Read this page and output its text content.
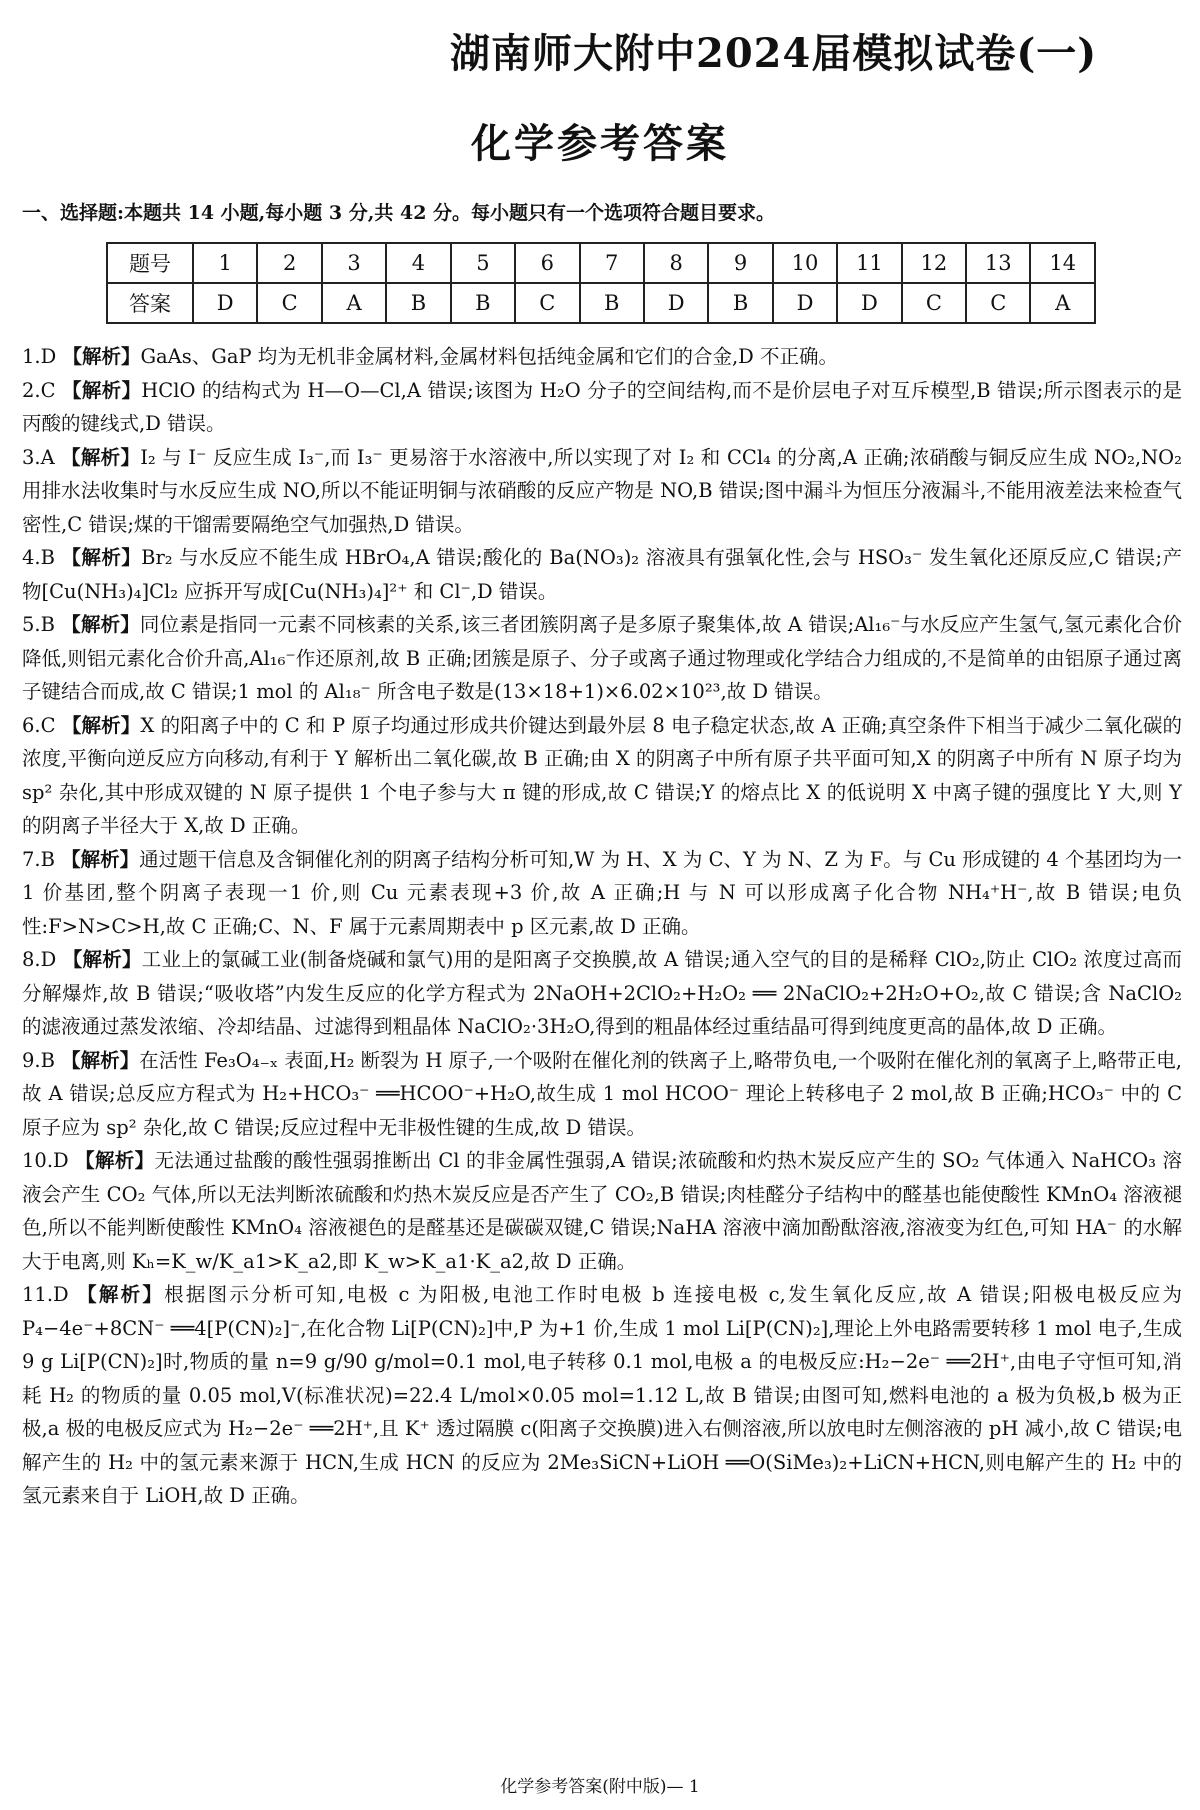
湖南师大附中2024届模拟试卷(一)
化学参考答案
一、选择题:本题共 14 小题,每小题 3 分,共 42 分。每小题只有一个选项符合题目要求。
题号	1	2	3	4	5	6	7	8	9	10	11	12	13	14
答案	D	C	A	B	B	C	B	D	B	D	D	C	C	A

1.D 【解析】GaAs、GaP 均为无机非金属材料,金属材料包括纯金属和它们的合金,D 不正确。

2.C 【解析】HClO 的结构式为 H—O—Cl,A 错误;该图为 H₂O 分子的空间结构,而不是价层电子对互斥模型,B 错误;所示图表示的是丙酸的键线式,D 错误。

3.A 【解析】I₂ 与 I⁻ 反应生成 I₃⁻,而 I₃⁻ 更易溶于水溶液中,所以实现了对 I₂ 和 CCl₄ 的分离,A 正确;浓硝酸与铜反应生成 NO₂,NO₂ 用排水法收集时与水反应生成 NO,所以不能证明铜与浓硝酸的反应产物是 NO,B 错误;图中漏斗为恒压分液漏斗,不能用液差法来检查气密性,C 错误;煤的干馏需要隔绝空气加强热,D 错误。

4.B 【解析】Br₂ 与水反应不能生成 HBrO₄,A 错误;酸化的 Ba(NO₃)₂ 溶液具有强氧化性,会与 HSO₃⁻ 发生氧化还原反应,C 错误;产物[Cu(NH₃)₄]Cl₂ 应拆开写成[Cu(NH₃)₄]²⁺ 和 Cl⁻,D 错误。

5.B 【解析】同位素是指同一元素不同核素的关系,该三者团簇阴离子是多原子聚集体,故 A 错误;Al₁₆⁻与水反应产生氢气,氢元素化合价降低,则铝元素化合价升高,Al₁₆⁻作还原剂,故 B 正确;团簇是原子、分子或离子通过物理或化学结合力组成的,不是简单的由铝原子通过离子键结合而成,故 C 错误;1 mol 的 Al₁₈⁻ 所含电子数是(13×18+1)×6.02×10²³,故 D 错误。

6.C 【解析】X 的阳离子中的 C 和 P 原子均通过形成共价键达到最外层 8 电子稳定状态,故 A 正确;真空条件下相当于减少二氧化碳的浓度,平衡向逆反应方向移动,有利于 Y 解析出二氧化碳,故 B 正确;由 X 的阴离子中所有原子共平面可知,X 的阴离子中所有 N 原子均为 sp² 杂化,其中形成双键的 N 原子提供 1 个电子参与大 π 键的形成,故 C 错误;Y 的熔点比 X 的低说明 X 中离子键的强度比 Y 大,则 Y 的阴离子半径大于 X,故 D 正确。

7.B 【解析】通过题干信息及含铜催化剂的阴离子结构分析可知,W 为 H、X 为 C、Y 为 N、Z 为 F。与 Cu 形成键的 4 个基团均为一1 价基团,整个阴离子表现一1 价,则 Cu 元素表现+3 价,故 A 正确;H 与 N 可以形成离子化合物 NH₄⁺H⁻,故 B 错误;电负性:F>N>C>H,故 C 正确;C、N、F 属于元素周期表中 p 区元素,故 D 正确。

8.D 【解析】工业上的氯碱工业(制备烧碱和氯气)用的是阳离子交换膜,故 A 错误;通入空气的目的是稀释 ClO₂,防止 ClO₂ 浓度过高而分解爆炸,故 B 错误;“吸收塔”内发生反应的化学方程式为 2NaOH+2ClO₂+H₂O₂ ══ 2NaClO₂+2H₂O+O₂,故 C 错误;含 NaClO₂ 的滤液通过蒸发浓缩、冷却结晶、过滤得到粗晶体 NaClO₂·3H₂O,得到的粗晶体经过重结晶可得到纯度更高的晶体,故 D 正确。

9.B 【解析】在活性 Fe₃O₄₋ₓ 表面,H₂ 断裂为 H 原子,一个吸附在催化剂的铁离子上,略带负电,一个吸附在催化剂的氧离子上,略带正电,故 A 错误;总反应方程式为 H₂+HCO₃⁻ ══HCOO⁻+H₂O,故生成 1 mol HCOO⁻ 理论上转移电子 2 mol,故 B 正确;HCO₃⁻ 中的 C 原子应为 sp² 杂化,故 C 错误;反应过程中无非极性键的生成,故 D 错误。

10.D 【解析】无法通过盐酸的酸性强弱推断出 Cl 的非金属性强弱,A 错误;浓硫酸和灼热木炭反应产生的 SO₂ 气体通入 NaHCO₃ 溶液会产生 CO₂ 气体,所以无法判断浓硫酸和灼热木炭反应是否产生了 CO₂,B 错误;肉桂醛分子结构中的醛基也能使酸性 KMnO₄ 溶液褪色,所以不能判断使酸性 KMnO₄ 溶液褪色的是醛基还是碳碳双键,C 错误;NaHA 溶液中滴加酚酞溶液,溶液变为红色,可知 HA⁻ 的水解大于电离,则 Kₕ=K_w/K_a1>K_a2,即 K_w>K_a1·K_a2,故 D 正确。

11.D 【解析】根据图示分析可知,电极 c 为阳极,电池工作时电极 b 连接电极 c,发生氧化反应,故 A 错误;阳极电极反应为 P₄−4e⁻+8CN⁻ ══4[P(CN)₂]⁻,在化合物 Li[P(CN)₂]中,P 为+1 价,生成 1 mol Li[P(CN)₂],理论上外电路需要转移 1 mol 电子,生成 9 g Li[P(CN)₂]时,物质的量 n=9 g/90 g/mol=0.1 mol,电子转移 0.1 mol,电极 a 的电极反应:H₂−2e⁻ ══2H⁺,由电子守恒可知,消耗 H₂ 的物质的量 0.05 mol,V(标准状况)=22.4 L/mol×0.05 mol=1.12 L,故 B 错误;由图可知,燃料电池的 a 极为负极,b 极为正极,a 极的电极反应式为 H₂−2e⁻ ══2H⁺,且 K⁺ 透过隔膜 c(阳离子交换膜)进入右侧溶液,所以放电时左侧溶液的 pH 减小,故 C 错误;电解产生的 H₂ 中的氢元素来源于 HCN,生成 HCN 的反应为 2Me₃SiCN+LiOH ══O(SiMe₃)₂+LiCN+HCN,则电解产生的 H₂ 中的氢元素来自于 LiOH,故 D 正确。

化学参考答案(附中版)— 1
